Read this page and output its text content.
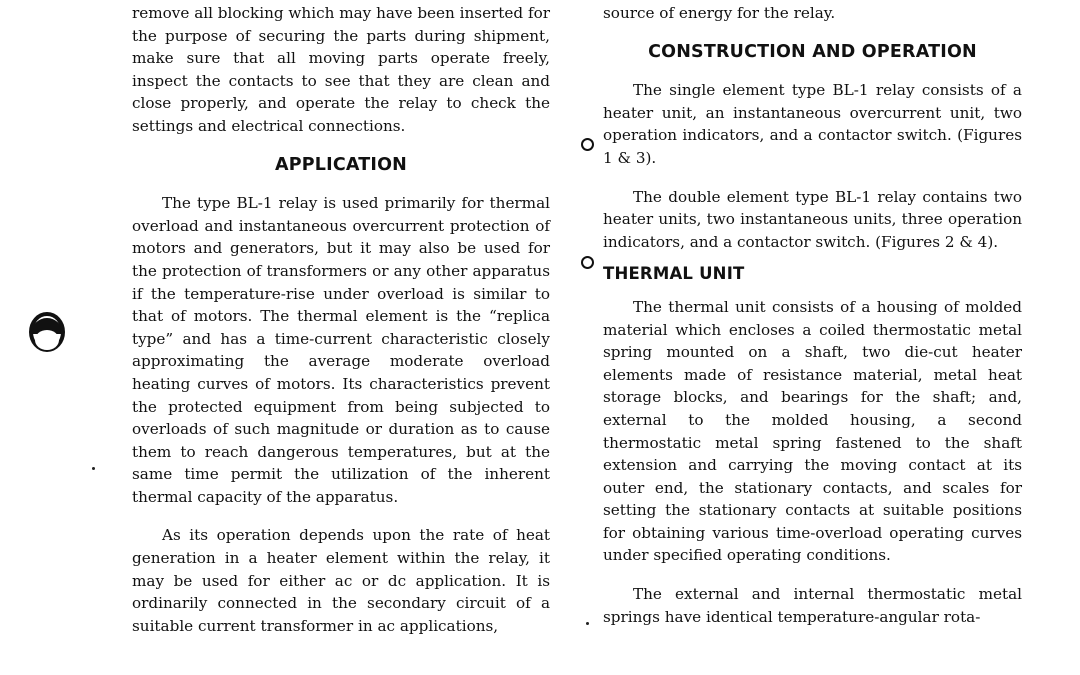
remove all blocking which may have been inserted for the purpose of securing the parts during shipment, make sure that all moving parts operate freely, inspect the contacts to see that they are clean and close properly, and operate the relay to check the settings and electrical connections.

APPLICATION

The type BL-1 relay is used primarily for thermal overload and instantaneous overcurrent protection of motors and generators, but it may also be used for the protection of transformers or any other apparatus if the temperature-rise under overload is similar to that of motors. The thermal element is the “replica type” and has a time-current characteristic closely approximating the average moderate overload heating curves of motors. Its characteristics prevent the protected equipment from being subjected to overloads of such magnitude or duration as to cause them to reach dangerous temperatures, but at the same time permit the utilization of the inherent thermal capacity of the apparatus.

As its operation depends upon the rate of heat generation in a heater element within the relay, it may be used for either ac or dc application. It is ordinarily connected in the secondary circuit of a suitable current transformer in ac applications,

source of energy for the relay.

CONSTRUCTION AND OPERATION

The single element type BL-1 relay consists of a heater unit, an instantaneous overcurrent unit, two operation indicators, and a contactor switch. (Figures 1 & 3).

The double element type BL-1 relay contains two heater units, two instantaneous units, three operation indicators, and a contactor switch. (Figures 2 & 4).

THERMAL UNIT

The thermal unit consists of a housing of molded material which encloses a coiled thermostatic metal spring mounted on a shaft, two die-cut heater elements made of resistance material, metal heat storage blocks, and bearings for the shaft; and, external to the molded housing, a second thermostatic metal spring fastened to the shaft extension and carrying the moving contact at its outer end, the stationary contacts, and scales for setting the stationary contacts at suitable positions for obtaining various time-overload operating curves under specified operating conditions.

The external and internal thermostatic metal springs have identical temperature-angular rota-
